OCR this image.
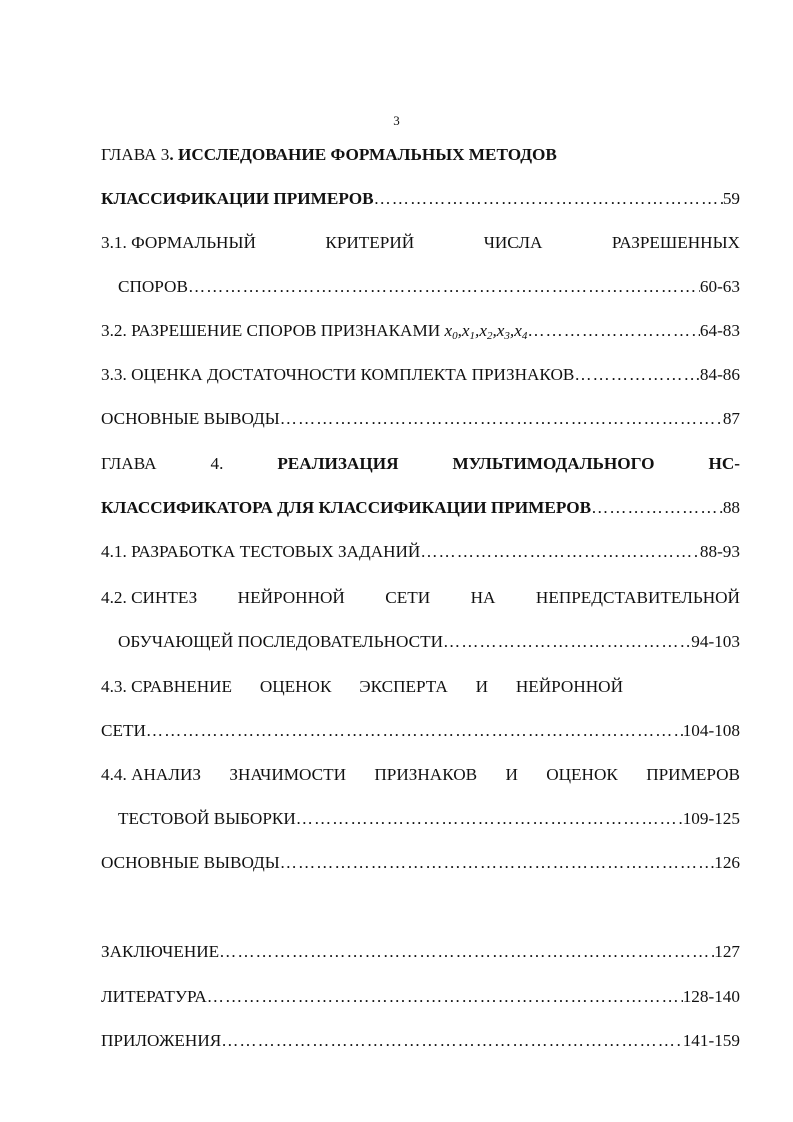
3
ГЛАВА 3. ИССЛЕДОВАНИЕ ФОРМАЛЬНЫХ МЕТОДОВ
КЛАССИФИКАЦИИ ПРИМЕРОВ ……………………………………………………………………………………………………………………………………………………	59
3.1. ФОРМАЛЬНЫЙ	КРИТЕРИЙ	ЧИСЛА	РАЗРЕШЕННЫХ
СПОРОВ ……………………………………………………………………………………………………………………………………………………	60-63
3.2. РАЗРЕШЕНИЕ СПОРОВ ПРИЗНАКАМИ $x_0,x_1,x_2,x_3,x_4$ ……………………………………………………………………………………………………………………………………………………	64-83
3.3. ОЦЕНКА ДОСТАТОЧНОСТИ КОМПЛЕКТА ПРИЗНАКОВ ……………………………………………………………………………………………………………………………………………………	84-86
ОСНОВНЫЕ ВЫВОДЫ ……………………………………………………………………………………………………………………………………………………	87
ГЛАВА	4.	РЕАЛИЗАЦИЯ	МУЛЬТИМОДАЛЬНОГО	НС-
КЛАССИФИКАТОРА ДЛЯ КЛАССИФИКАЦИИ ПРИМЕРОВ ……………………………………………………………………………………………………………………………………………………	88
4.1. РАЗРАБОТКА ТЕСТОВЫХ ЗАДАНИЙ ……………………………………………………………………………………………………………………………………………………	88-93
4.2. СИНТЕЗ НЕЙРОННОЙ СЕТИ НА НЕПРЕДСТАВИТЕЛЬНОЙ
ОБУЧАЮЩЕЙ ПОСЛЕДОВАТЕЛЬНОСТИ ……………………………………………………………………………………………………………………………………………………	94-103
4.3. СРАВНЕНИЕ ОЦЕНОК ЭКСПЕРТА И НЕЙРОННОЙ
СЕТИ ……………………………………………………………………………………………………………………………………………………	104-108
4.4. АНАЛИЗ ЗНАЧИМОСТИ ПРИЗНАКОВ И ОЦЕНОК ПРИМЕРОВ
ТЕСТОВОЙ ВЫБОРКИ ……………………………………………………………………………………………………………………………………………………	109-125
ОСНОВНЫЕ ВЫВОДЫ ……………………………………………………………………………………………………………………………………………………	126
ЗАКЛЮЧЕНИЕ ……………………………………………………………………………………………………………………………………………………	127
ЛИТЕРАТУРА ……………………………………………………………………………………………………………………………………………………	128-140
ПРИЛОЖЕНИЯ ……………………………………………………………………………………………………………………………………………………	141-159
